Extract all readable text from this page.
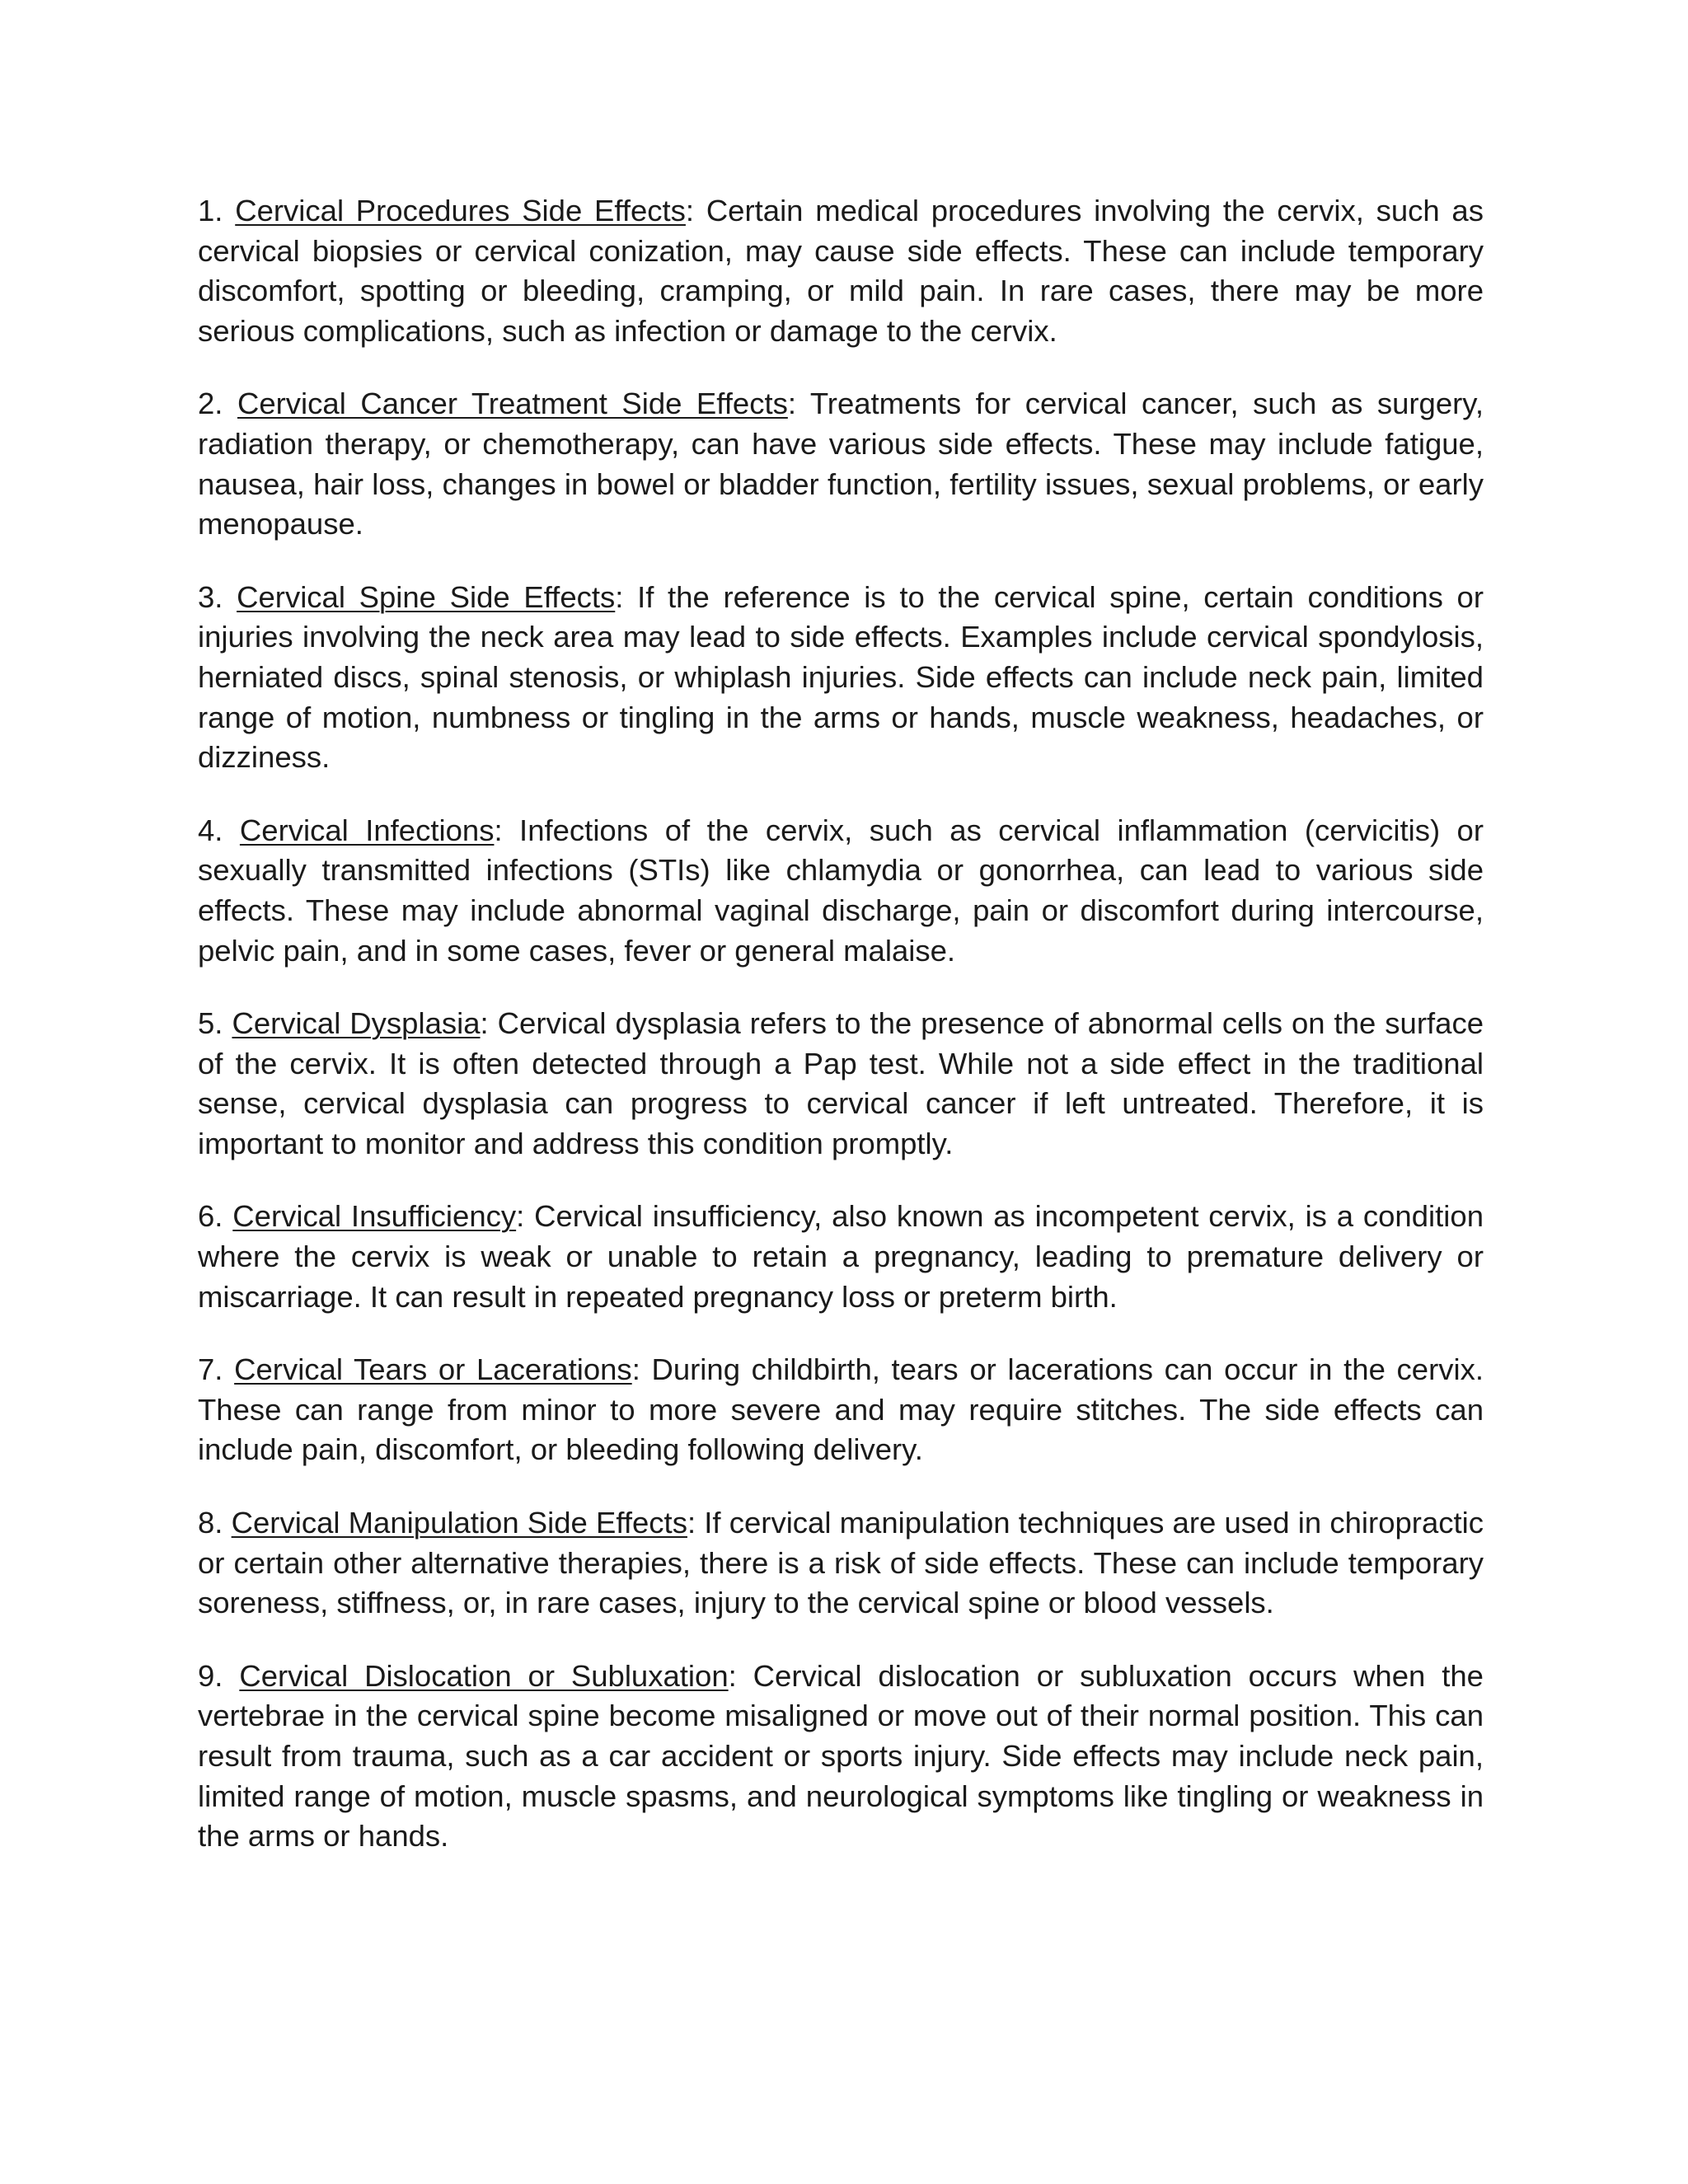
1. Cervical Procedures Side Effects: Certain medical procedures involving the cervix, such as cervical biopsies or cervical conization, may cause side effects. These can include temporary discomfort, spotting or bleeding, cramping, or mild pain. In rare cases, there may be more serious complications, such as infection or damage to the cervix.

2. Cervical Cancer Treatment Side Effects: Treatments for cervical cancer, such as surgery, radiation therapy, or chemotherapy, can have various side effects. These may include fatigue, nausea, hair loss, changes in bowel or bladder function, fertility issues, sexual problems, or early menopause.

3. Cervical Spine Side Effects: If the reference is to the cervical spine, certain conditions or injuries involving the neck area may lead to side effects. Examples include cervical spondylosis, herniated discs, spinal stenosis, or whiplash injuries. Side effects can include neck pain, limited range of motion, numbness or tingling in the arms or hands, muscle weakness, headaches, or dizziness.

4. Cervical Infections: Infections of the cervix, such as cervical inflammation (cervicitis) or sexually transmitted infections (STIs) like chlamydia or gonorrhea, can lead to various side effects. These may include abnormal vaginal discharge, pain or discomfort during intercourse, pelvic pain, and in some cases, fever or general malaise.

5. Cervical Dysplasia: Cervical dysplasia refers to the presence of abnormal cells on the surface of the cervix. It is often detected through a Pap test. While not a side effect in the traditional sense, cervical dysplasia can progress to cervical cancer if left untreated. Therefore, it is important to monitor and address this condition promptly.

6. Cervical Insufficiency: Cervical insufficiency, also known as incompetent cervix, is a condition where the cervix is weak or unable to retain a pregnancy, leading to premature delivery or miscarriage. It can result in repeated pregnancy loss or preterm birth.

7. Cervical Tears or Lacerations: During childbirth, tears or lacerations can occur in the cervix. These can range from minor to more severe and may require stitches. The side effects can include pain, discomfort, or bleeding following delivery.

8. Cervical Manipulation Side Effects: If cervical manipulation techniques are used in chiropractic or certain other alternative therapies, there is a risk of side effects. These can include temporary soreness, stiffness, or, in rare cases, injury to the cervical spine or blood vessels.

9. Cervical Dislocation or Subluxation: Cervical dislocation or subluxation occurs when the vertebrae in the cervical spine become misaligned or move out of their normal position. This can result from trauma, such as a car accident or sports injury. Side effects may include neck pain, limited range of motion, muscle spasms, and neurological symptoms like tingling or weakness in the arms or hands.
